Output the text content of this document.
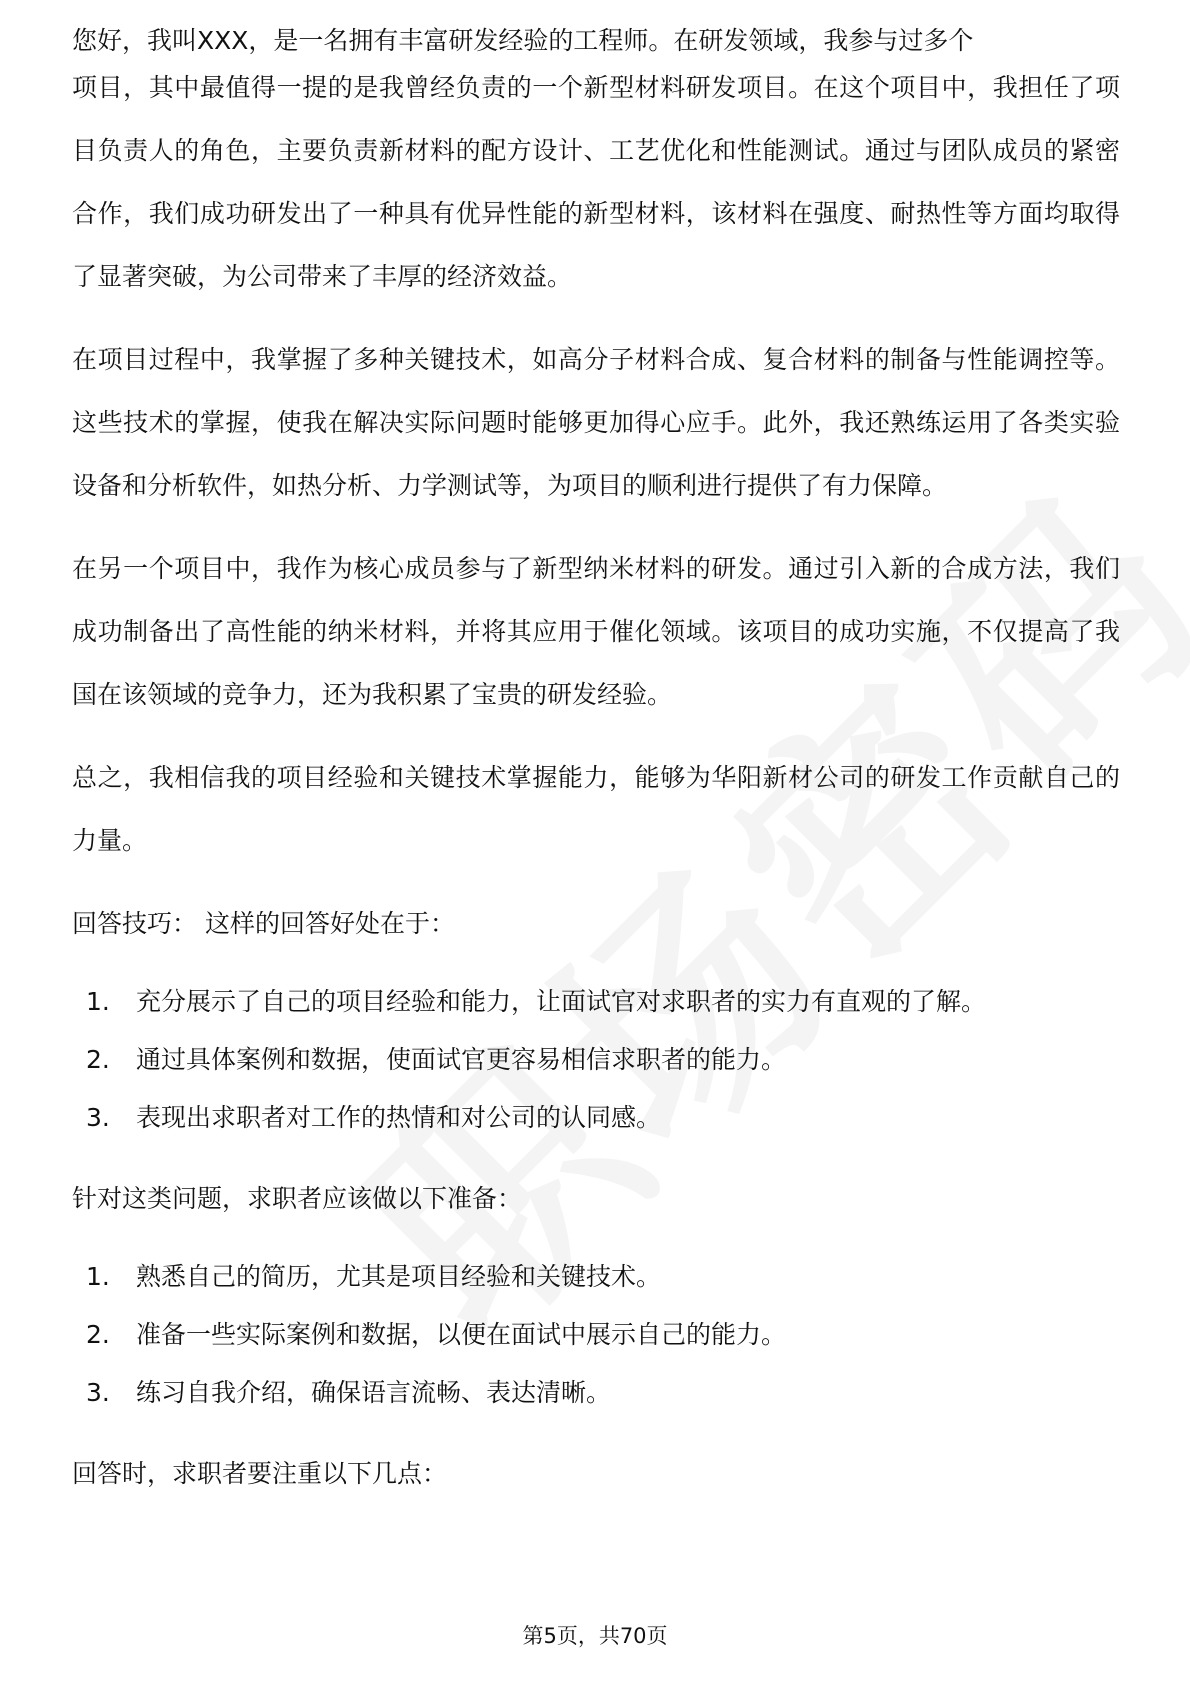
您好，我叫XXX，是一名拥有丰富研发经验的工程师。在研发领域，我参与过多个

项目，其中最值得一提的是我曾经负责的一个新型材料研发项目。在这个项目中，我担任了项目负责人的角色，主要负责新材料的配方设计、工艺优化和性能测试。通过与团队成员的紧密合作，我们成功研发出了一种具有优异性能的新型材料，该材料在强度、耐热性等方面均取得了显著突破，为公司带来了丰厚的经济效益。

在项目过程中，我掌握了多种关键技术，如高分子材料合成、复合材料的制备与性能调控等。这些技术的掌握，使我在解决实际问题时能够更加得心应手。此外，我还熟练运用了各类实验设备和分析软件，如热分析、力学测试等，为项目的顺利进行提供了有力保障。

在另一个项目中，我作为核心成员参与了新型纳米材料的研发。通过引入新的合成方法，我们成功制备出了高性能的纳米材料，并将其应用于催化领域。该项目的成功实施，不仅提高了我国在该领域的竞争力，还为我积累了宝贵的研发经验。

总之，我相信我的项目经验和关键技术掌握能力，能够为华阳新材公司的研发工作贡献自己的力量。

回答技巧： 这样的回答好处在于：

1.	充分展示了自己的项目经验和能力，让面试官对求职者的实力有直观的了解。
2.	通过具体案例和数据，使面试官更容易相信求职者的能力。
3.	表现出求职者对工作的热情和对公司的认同感。

针对这类问题，求职者应该做以下准备：

1.	熟悉自己的简历，尤其是项目经验和关键技术。
2.	准备一些实际案例和数据，以便在面试中展示自己的能力。
3.	练习自我介绍，确保语言流畅、表达清晰。

回答时，求职者要注重以下几点：

第5页，共70页
